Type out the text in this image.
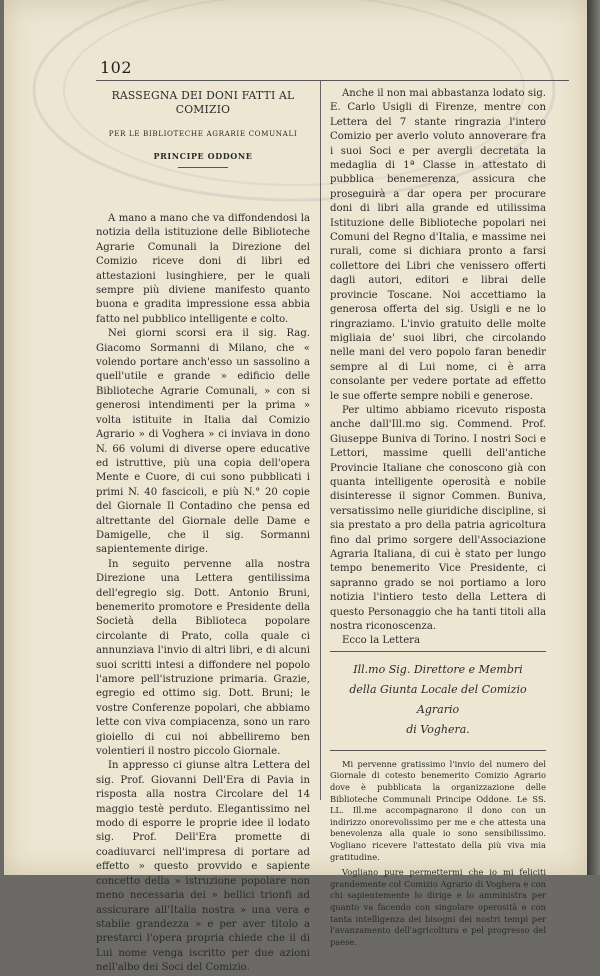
102
RASSEGNA DEI DONI FATTI AL COMIZIO
PER LE BIBLIOTECHE AGRARIE COMUNALI
PRINCIPE ODDONE

A mano a mano che va diffondendosi la notizia della istituzione delle Biblioteche Agrarie Comunali la Direzione del Comizio riceve doni di libri ed attestazioni lusinghiere, per le quali sempre più diviene manifesto quanto buona e gradita impressione essa abbia fatto nel pubblico intelligente e colto.

Nei giorni scorsi era il sig. Rag. Giacomo Sormanni di Milano, che « volendo portare anch'esso un sassolino a quell'utile e grande » edificio delle Biblioteche Agrarie Comunali, » con si generosi intendimenti per la prima » volta istituite in Italia dal Comizio Agrario » di Voghera » ci inviava in dono N. 66 volumi di diverse opere educative ed istruttive, più una copia dell'opera Mente e Cuore, di cui sono pubblicati i primi N. 40 fascicoli, e più N.° 20 copie del Giornale Il Contadino che pensa ed altrettante del Giornale delle Dame e Damigelle, che il sig. Sormanni sapientemente dirige.

In seguito pervenne alla nostra Direzione una Lettera gentilissima dell'egregio sig. Dott. Antonio Bruni, benemerito promotore e Presidente della Società della Biblioteca popolare circolante di Prato, colla quale ci annunziava l'invio di altri libri, e di alcuni suoi scritti intesi a diffondere nel popolo l'amore pell'istruzione primaria. Grazie, egregio ed ottimo sig. Dott. Bruni; le vostre Conferenze popolari, che abbiamo lette con viva compiacenza, sono un raro gioiello di cui noi abbelliremo ben volentieri il nostro piccolo Giornale.

In appresso ci giunse altra Lettera del sig. Prof. Giovanni Dell'Era di Pavia in risposta alla nostra Circolare del 14 maggio testè perduto. Elegantissimo nel modo di esporre le proprie idee il lodato sig. Prof. Dell'Era promette di coadiuvarci nell'impresa di portare ad effetto » questo provvido e sapiente concetto della » istruzione popolare non meno necessaria dei » bellici trionfi ad assicurare all'Italia nostra » una vera e stabile grandezza » e per aver titolo a prestarci l'opera propria chiede che il di Lui nome venga iscritto per due azioni nell'albo dei Soci del Comizio.

Anche il non mai abbastanza lodato sig. E. Carlo Usigli di Firenze, mentre con Lettera del 7 stante ringrazia l'intero Comizio per averlo voluto annoverare fra i suoi Soci e per avergli decretata la medaglia di 1ª Classe in attestato di pubblica benemerenza, assicura che proseguirà a dar opera per procurare doni di libri alla grande ed utilissima Istituzione delle Biblioteche popolari nei Comuni del Regno d'Italia, e massime nei rurali, come si dichiara pronto a farsi collettore dei Libri che venissero offerti dagli autori, editori e librai delle provincie Toscane. Noi accettiamo la generosa offerta del sig. Usigli e ne lo ringraziamo. L'invio gratuito delle molte migliaia de' suoi libri, che circolando nelle mani del vero popolo faran benedir sempre al di Lui nome, ci è arra consolante per vedere portate ad effetto le sue offerte sempre nobili e generose.

Per ultimo abbiamo ricevuto risposta anche dall'Ill.mo sig. Commend. Prof. Giuseppe Buniva di Torino. I nostri Soci e Lettori, massime quelli dell'antiche Provincie Italiane che conoscono già con quanta intelligente operosità e nobile disinteresse il signor Commen. Buniva, versatissimo nelle giuridiche discipline, si sia prestato a pro della patria agricoltura fino dal primo sorgere dell'Associazione Agraria Italiana, di cui è stato per lungo tempo benemerito Vice Presidente, ci sapranno grado se noi portiamo a loro notizia l'intiero testo della Lettera di questo Personaggio che ha tanti titoli alla nostra riconoscenza.

Ecco la Lettera

Ill.mo Sig. Direttore e Membri
della Giunta Locale del Comizio Agrario
di Voghera.

Mi pervenne gratissimo l'invio del numero del Giornale di cotesto benemerito Comizio Agrario dove è pubblicata la organizzazione delle Biblioteche Communali Principe Oddone. Le SS. LL. Ill.me accompagnarono il dono con un indirizzo onorevolissimo per me e che attesta una benevolenza alla quale io sono sensibilissimo. Vogliano ricevere l'attestato della più viva mia gratitudine.

Vogliano pure permettermi che io mi feliciti grandemente col Comizio Agrario di Voghera e con chi sapientemente lo dirige e lo amministra per quanto va facendo con singolare operosità e con tanta intelligenza dei bisogni dei nostri tempi per l'avanzamento dell'agricoltura e pel progresso del paese.
